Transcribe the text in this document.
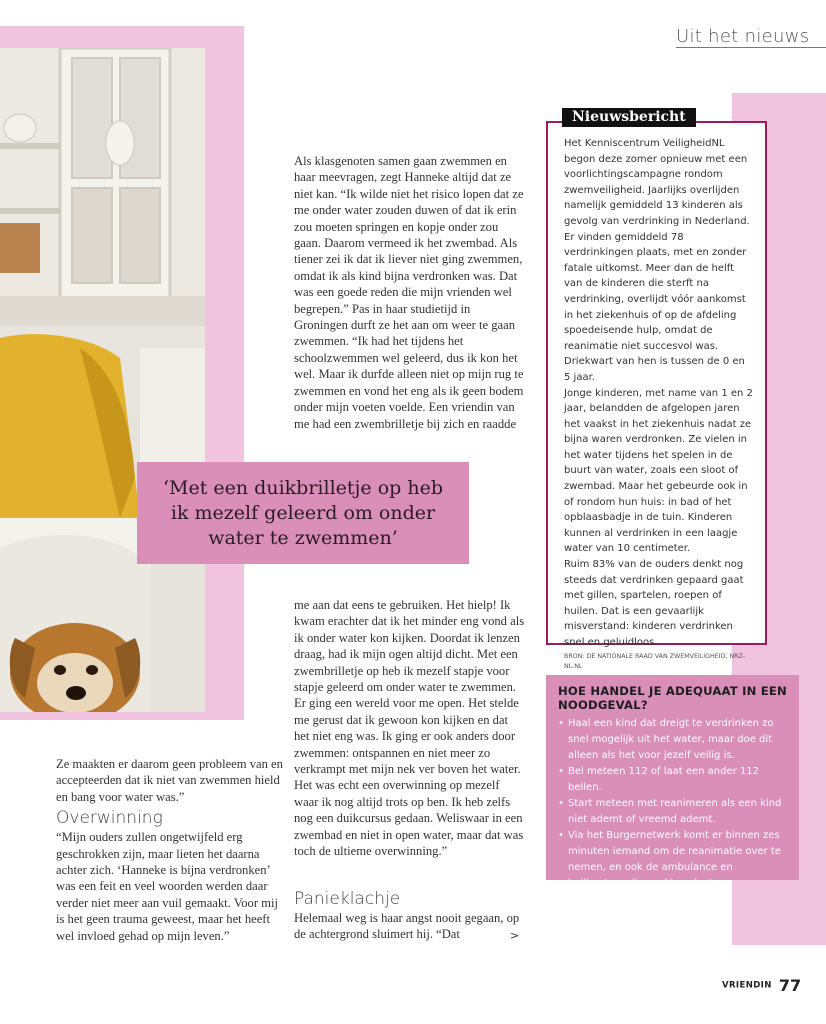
Uit het nieuws

Als klasgenoten samen gaan zwemmen en haar meevragen, zegt Hanneke altijd dat ze niet kan. “Ik wilde niet het risico lopen dat ze me onder water zouden duwen of dat ik erin zou moeten springen en kopje onder zou gaan. Daarom vermeed ik het zwembad. Als tiener zei ik dat ik liever niet ging zwemmen, omdat ik als kind bijna verdronken was. Dat was een goede reden die mijn vrienden wel begrepen.” Pas in haar studietijd in Groningen durft ze het aan om weer te gaan zwemmen. “Ik had het tijdens het schoolzwemmen wel geleerd, dus ik kon het wel. Maar ik durfde alleen niet op mijn rug te zwemmen en vond het eng als ik geen bodem onder mijn voeten voelde. Een vriendin van me had een zwembrilletje bij zich en raadde

‘Met een duikbrilletje op heb ik mezelf geleerd om onder water te zwemmen’

me aan dat eens te gebruiken. Het hielp! Ik kwam erachter dat ik het minder eng vond als ik onder water kon kijken. Doordat ik lenzen draag, had ik mijn ogen altijd dicht. Met een zwembrilletje op heb ik mezelf stapje voor stapje geleerd om onder water te zwemmen. Er ging een wereld voor me open. Het stelde me gerust dat ik gewoon kon kijken en dat het niet eng was. Ik ging er ook anders door zwemmen: ontspannen en niet meer zo verkrampt met mijn nek ver boven het water. Het was echt een overwinning op mezelf waar ik nog altijd trots op ben. Ik heb zelfs nog een duikcursus gedaan. Weliswaar in een zwembad en niet in open water, maar dat was toch de ultieme overwinning.”

Ze maakten er daarom geen probleem van en accepteerden dat ik niet van zwemmen hield en bang voor water was.”

Overwinning

“Mijn ouders zullen ongetwijfeld erg geschrokken zijn, maar lieten het daarna achter zich. ‘Hanneke is bijna verdronken’ was een feit en veel woorden werden daar verder niet meer aan vuil gemaakt. Voor mij is het geen trauma geweest, maar het heeft wel invloed gehad op mijn leven.”

Panieklachje

Helemaal weg is haar angst nooit gegaan, op de achtergrond sluimert hij. “Dat	>
Het Kenniscentrum VeiligheidNL begon deze zomer opnieuw met een voorlichtingscampagne rondom zwemveiligheid. Jaarlijks overlijden namelijk gemiddeld 13 kinderen als gevolg van verdrinking in Nederland. Er vinden gemiddeld 78 verdrinkingen plaats, met en zonder fatale uitkomst. Meer dan de helft van de kinderen die sterft na verdrinking, overlijdt vóór aankomst in het ziekenhuis of op de afdeling spoedeisende hulp, omdat de reanimatie niet succesvol was. Driekwart van hen is tussen de 0 en 5 jaar.
Jonge kinderen, met name van 1 en 2 jaar, belandden de afgelopen jaren het vaakst in het ziekenhuis nadat ze bijna waren verdronken. Ze vielen in het water tijdens het spelen in de buurt van water, zoals een sloot of zwembad. Maar het gebeurde ook in of rondom hun huis: in bad of het opblaasbadje in de tuin. Kinderen kunnen al verdrinken in een laagje water van 10 centimeter.
Ruim 83% van de ouders denkt nog steeds dat verdrinken gepaard gaat met gillen, spartelen, roepen of huilen. Dat is een gevaarlijk misverstand: kinderen verdrinken snel en geluidloos.
BRON: DE NATIONALE RAAD VAN ZWEMVEILIGHEID, NRZ-NL.NL
Nieuwsbericht
HOE HANDEL JE ADEQUAAT IN EEN NOODGEVAL?
• Haal een kind dat dreigt te verdrinken zo snel mogelijk uit het water, maar doe dit alleen als het voor jezelf veilig is.
• Bel meteen 112 of laat een ander 112 bellen.
• Start meteen met reanimeren als een kind niet ademt of vreemd ademt.
• Via het Burgernetwerk komt er binnen zes minuten iemand om de reanimatie over te nemen, en ook de ambulance en helikopters zijn snel ter plaatse.
VRIENDIN 77
